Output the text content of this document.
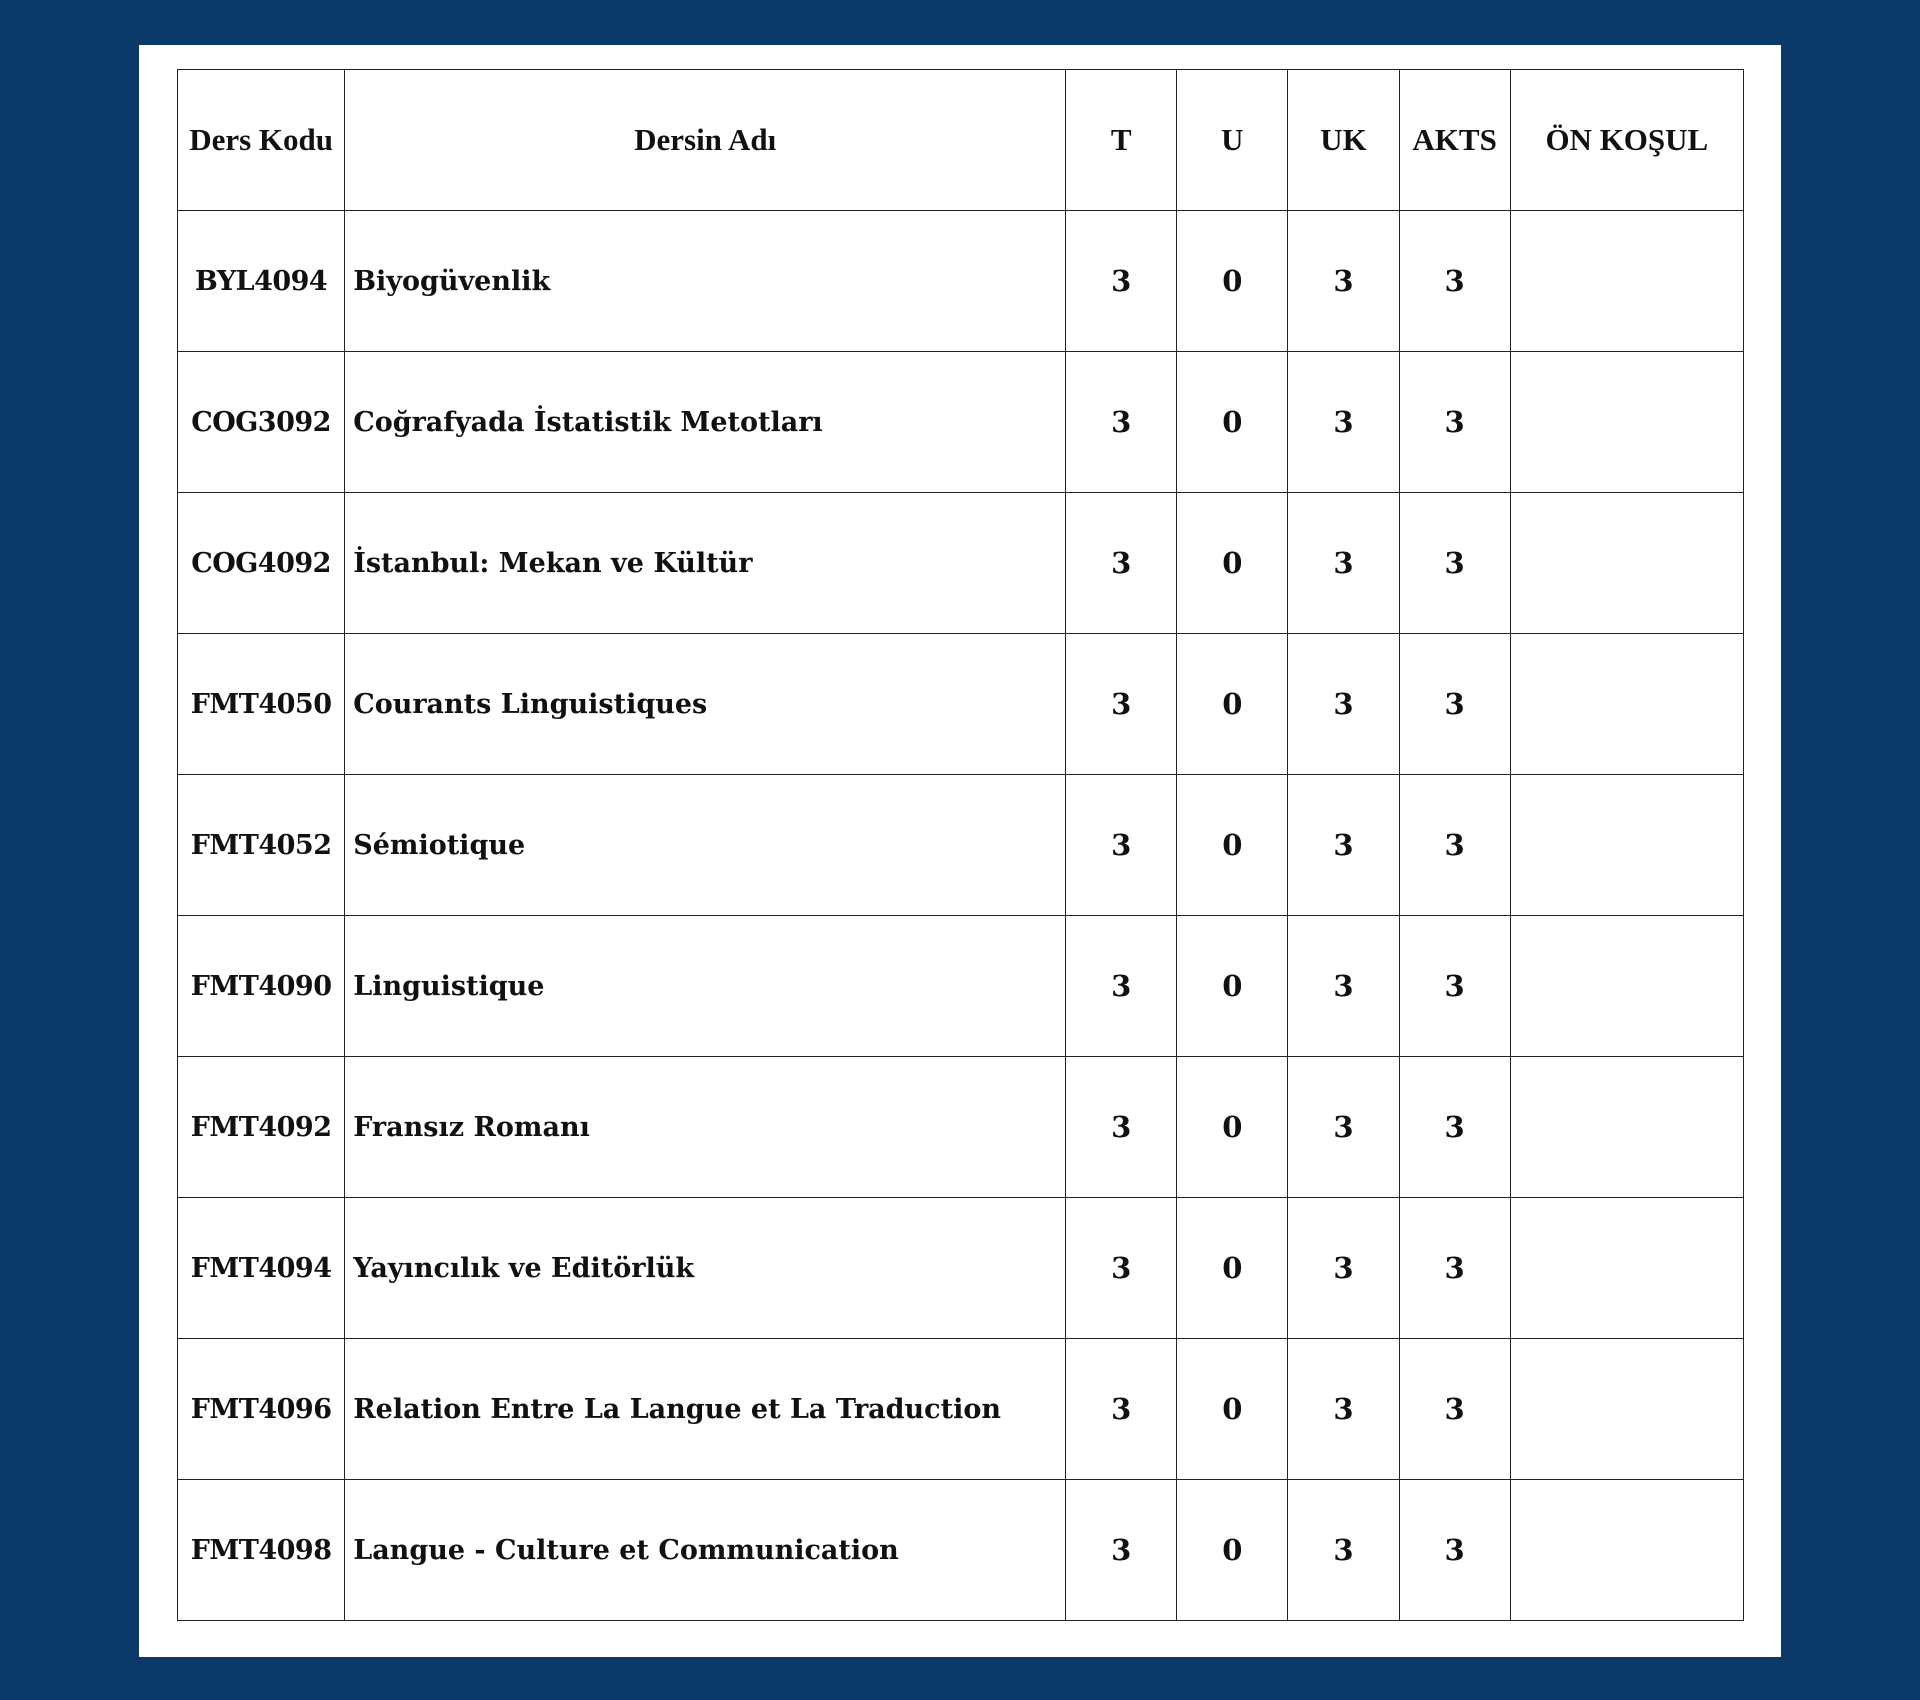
Ders Kodu	Dersin Adı	T	U	UK	AKTS	ÖN KOŞUL
BYL4094	Biyogüvenlik	3	0	3	3	
COG3092	Coğrafyada İstatistik Metotları	3	0	3	3	
COG4092	İstanbul: Mekan ve Kültür	3	0	3	3	
FMT4050	Courants Linguistiques	3	0	3	3	
FMT4052	Sémiotique	3	0	3	3	
FMT4090	Linguistique	3	0	3	3	
FMT4092	Fransız Romanı	3	0	3	3	
FMT4094	Yayıncılık ve Editörlük	3	0	3	3	
FMT4096	Relation Entre La Langue et La Traduction	3	0	3	3	
FMT4098	Langue - Culture et Communication	3	0	3	3	
